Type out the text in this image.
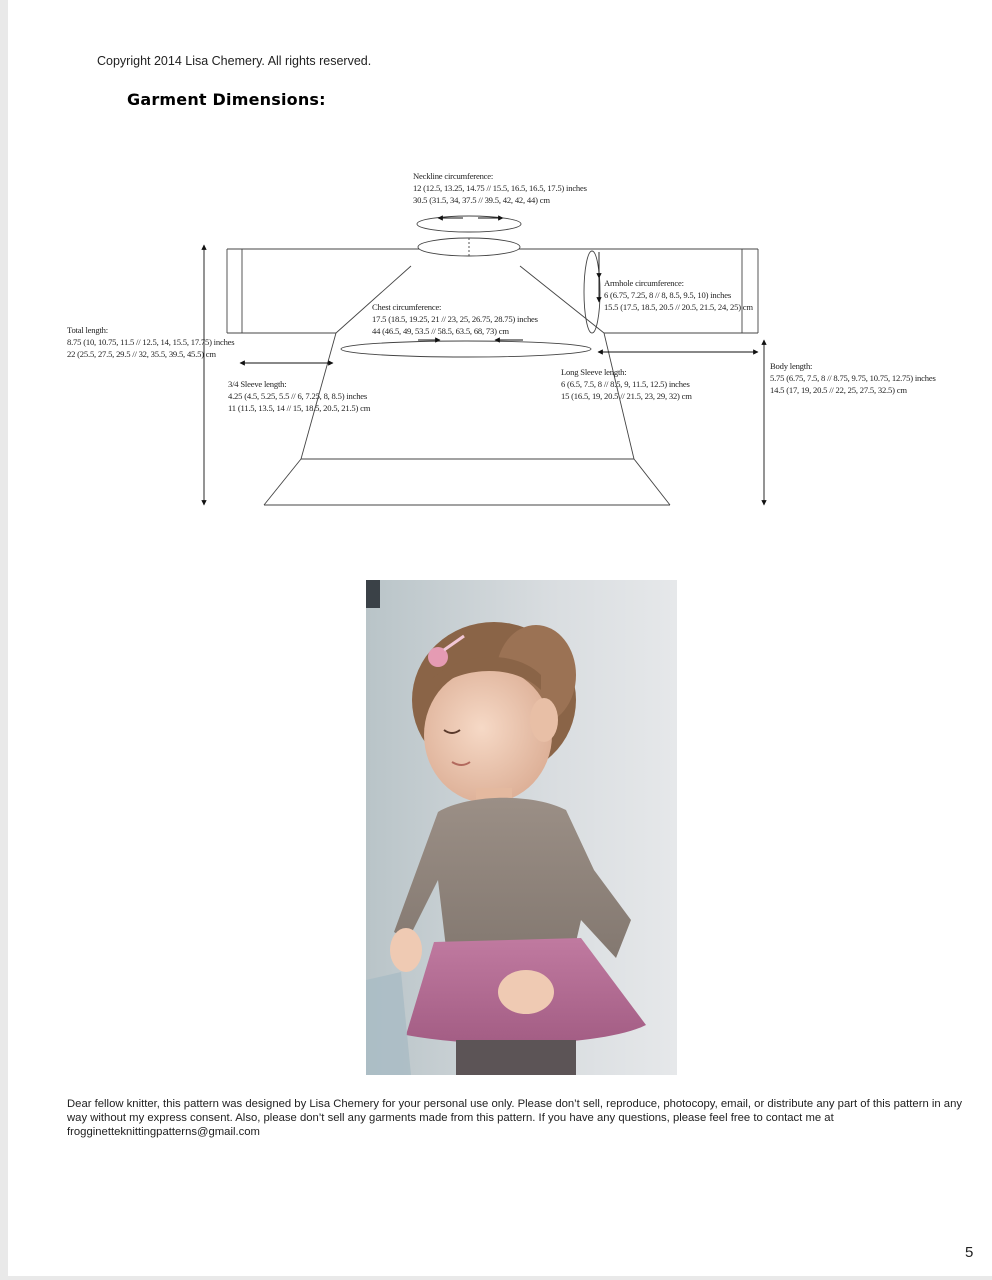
Copyright 2014 Lisa Chemery. All rights reserved.
Garment Dimensions:
Neckline circumference:
12 (12.5, 13.25, 14.75 // 15.5, 16.5, 16.5, 17.5) inches
30.5 (31.5, 34, 37.5 // 39.5, 42, 42, 44) cm
Armhole circumference:
6 (6.75, 7.25, 8 // 8, 8.5, 9.5, 10) inches
15.5 (17.5, 18.5, 20.5 // 20.5, 21.5, 24, 25) cm
Chest circumference:
17.5 (18.5, 19.25, 21 // 23, 25, 26.75, 28.75) inches
44 (46.5, 49, 53.5 // 58.5, 63.5, 68, 73) cm
Total length:
8.75 (10, 10.75, 11.5 // 12.5, 14, 15.5, 17.75) inches
22 (25.5, 27.5, 29.5 // 32, 35.5, 39.5, 45.5) cm
3/4 Sleeve length:
4.25 (4.5, 5.25, 5.5 // 6, 7.25, 8, 8.5) inches
11 (11.5, 13.5, 14 // 15, 18.5, 20.5, 21.5) cm
Long Sleeve length:
6 (6.5, 7.5, 8 // 8.5, 9, 11.5, 12.5) inches
15 (16.5, 19, 20.5 // 21.5, 23, 29, 32) cm
Body length:
5.75 (6.75, 7.5, 8 // 8.75, 9.75, 10.75, 12.75) inches
14.5 (17, 19, 20.5 // 22, 25, 27.5, 32.5) cm
Dear fellow knitter, this pattern was designed by Lisa Chemery for your personal use only. Please don’t sell, reproduce, photocopy, email, or distribute any part of this pattern in any
way without my express consent. Also, please don’t sell any garments made from this pattern. If you have any questions, please feel free to contact me at
frogginetteknittingpatterns@gmail.com
5
